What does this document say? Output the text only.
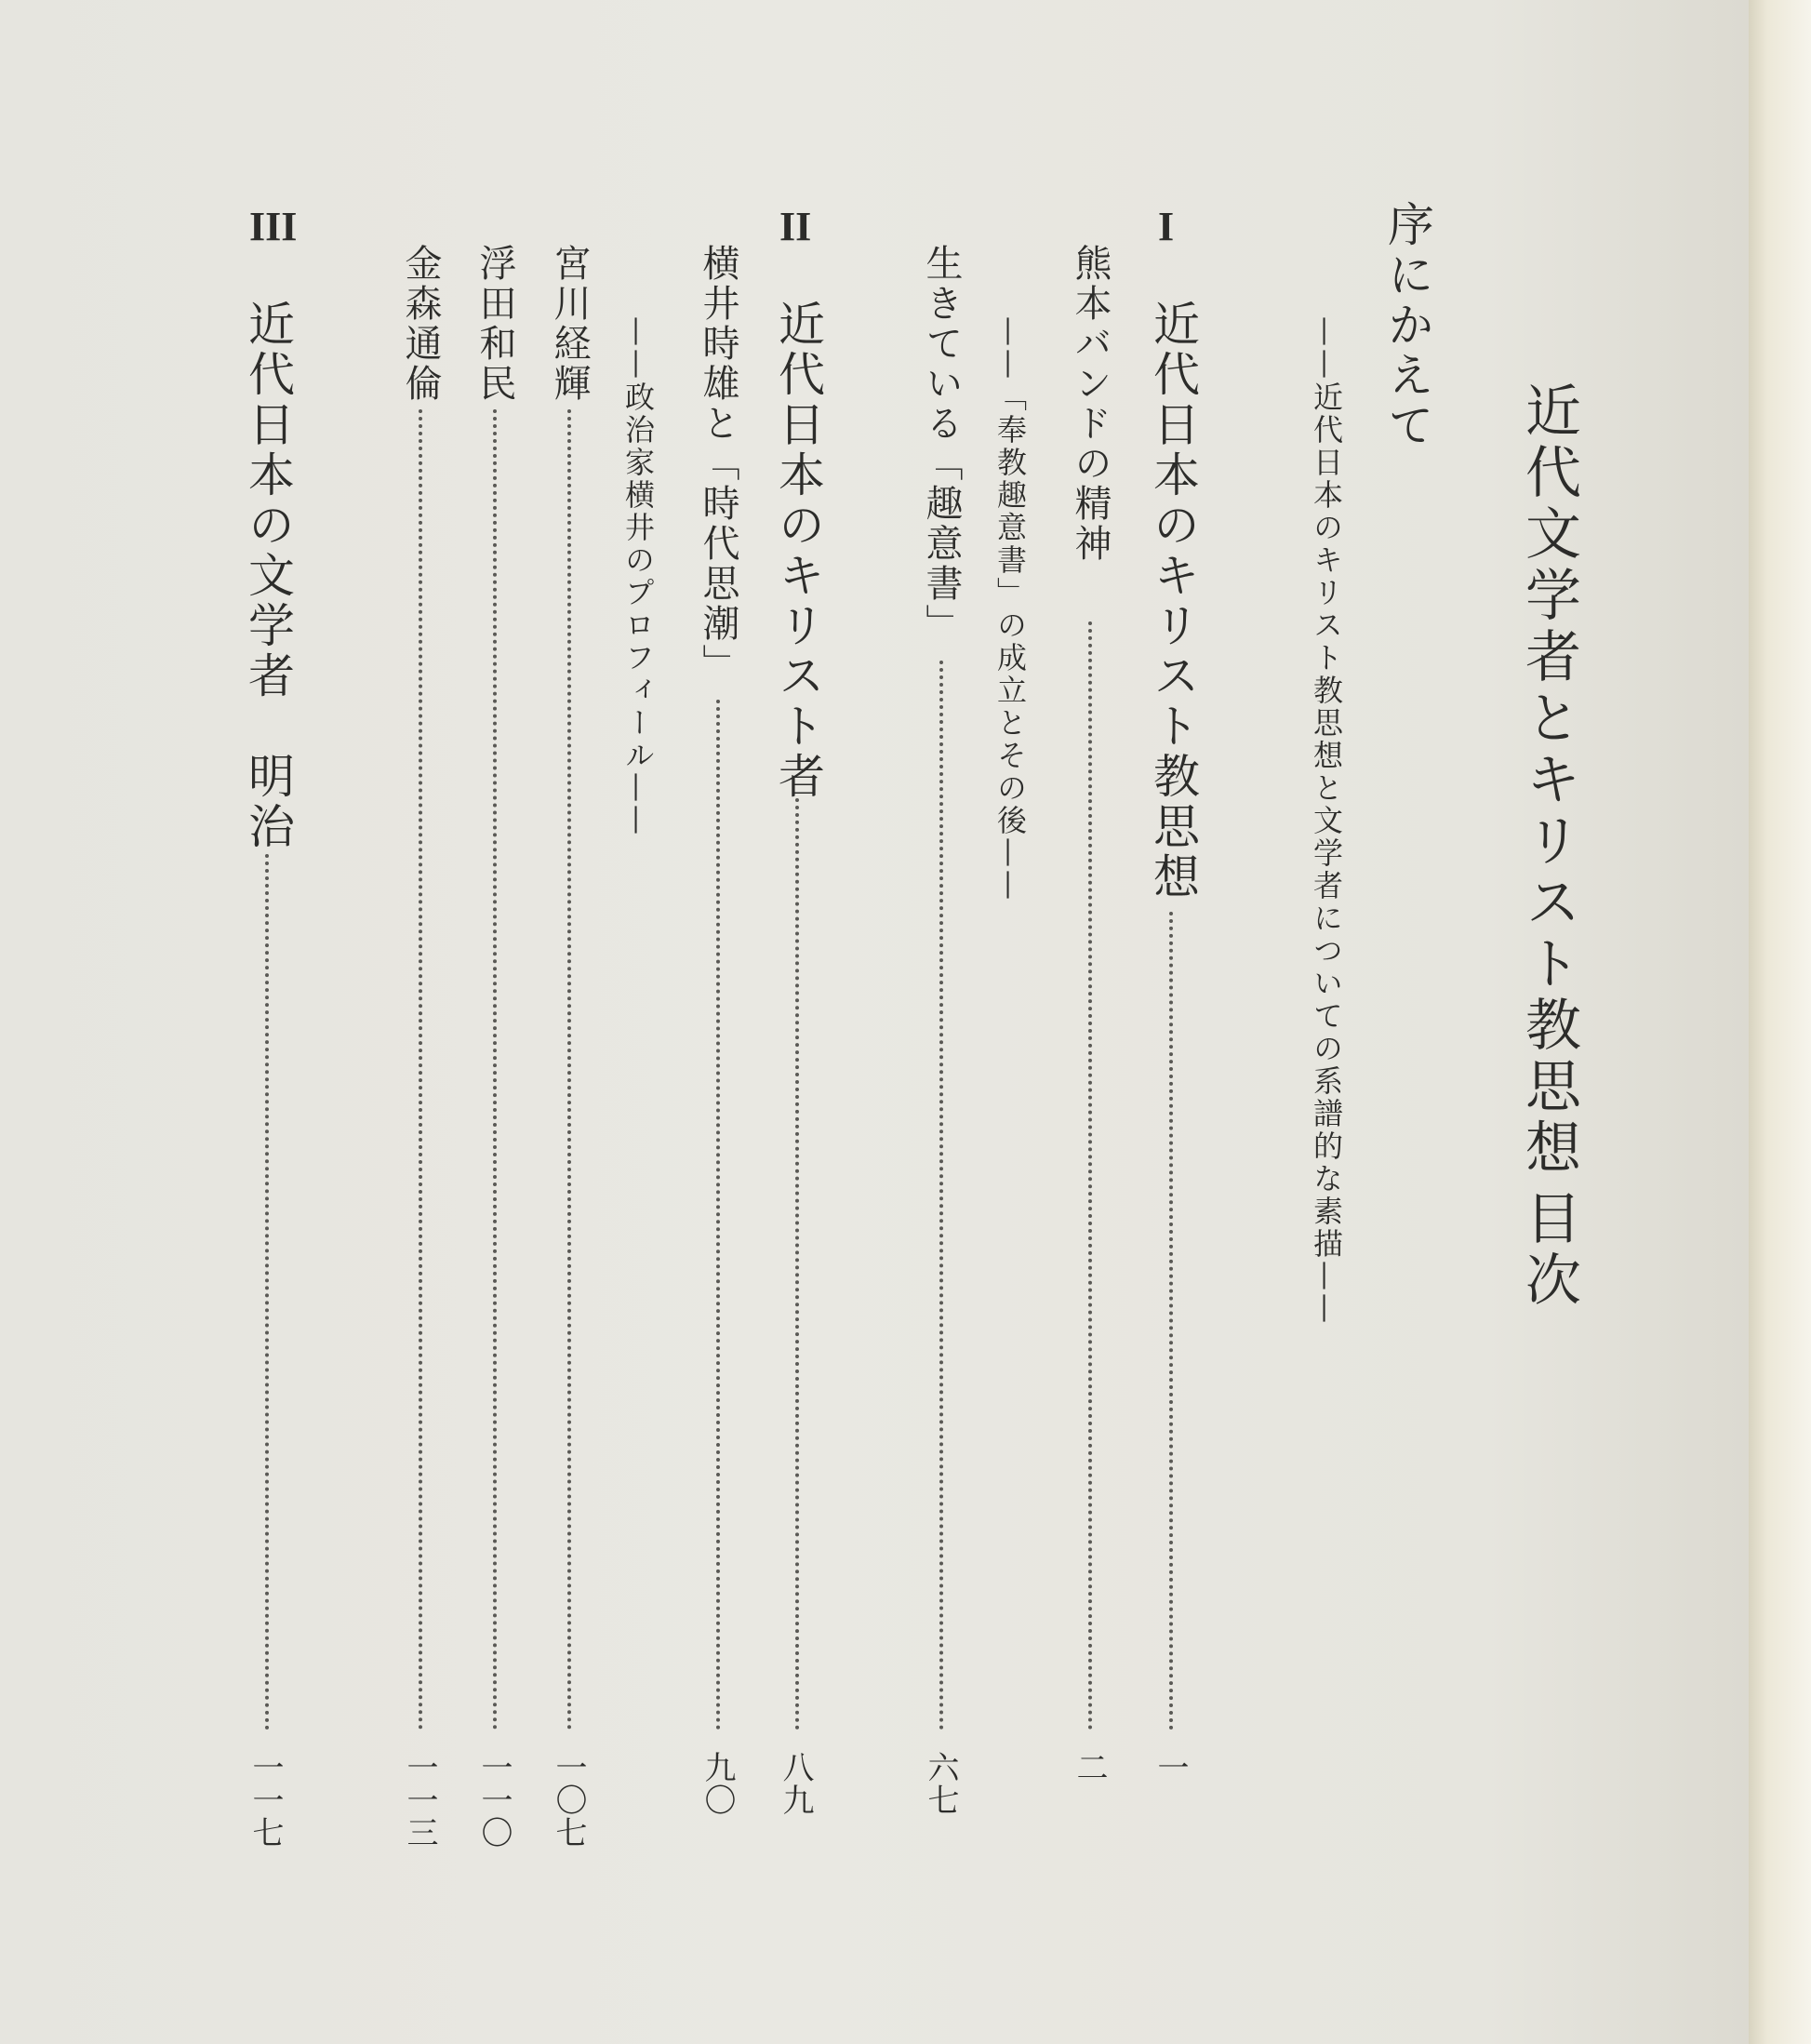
近代文学者とキリスト教思想
目次
序にかえて
——近代日本のキリスト教思想と文学者についての系譜的な素描——
I
近代日本のキリスト教思想
一
熊本バンドの精神
二
——「奉教趣意書」の成立とその後——
生きている「趣意書」
六七
II
近代日本のキリスト者
八九
横井時雄と「時代思潮」
九〇
——政治家横井のプロフィール——
宮川経輝
一〇七
浮田和民
一一〇
金森通倫
一一三
III
近代日本の文学者　明治
一一七
